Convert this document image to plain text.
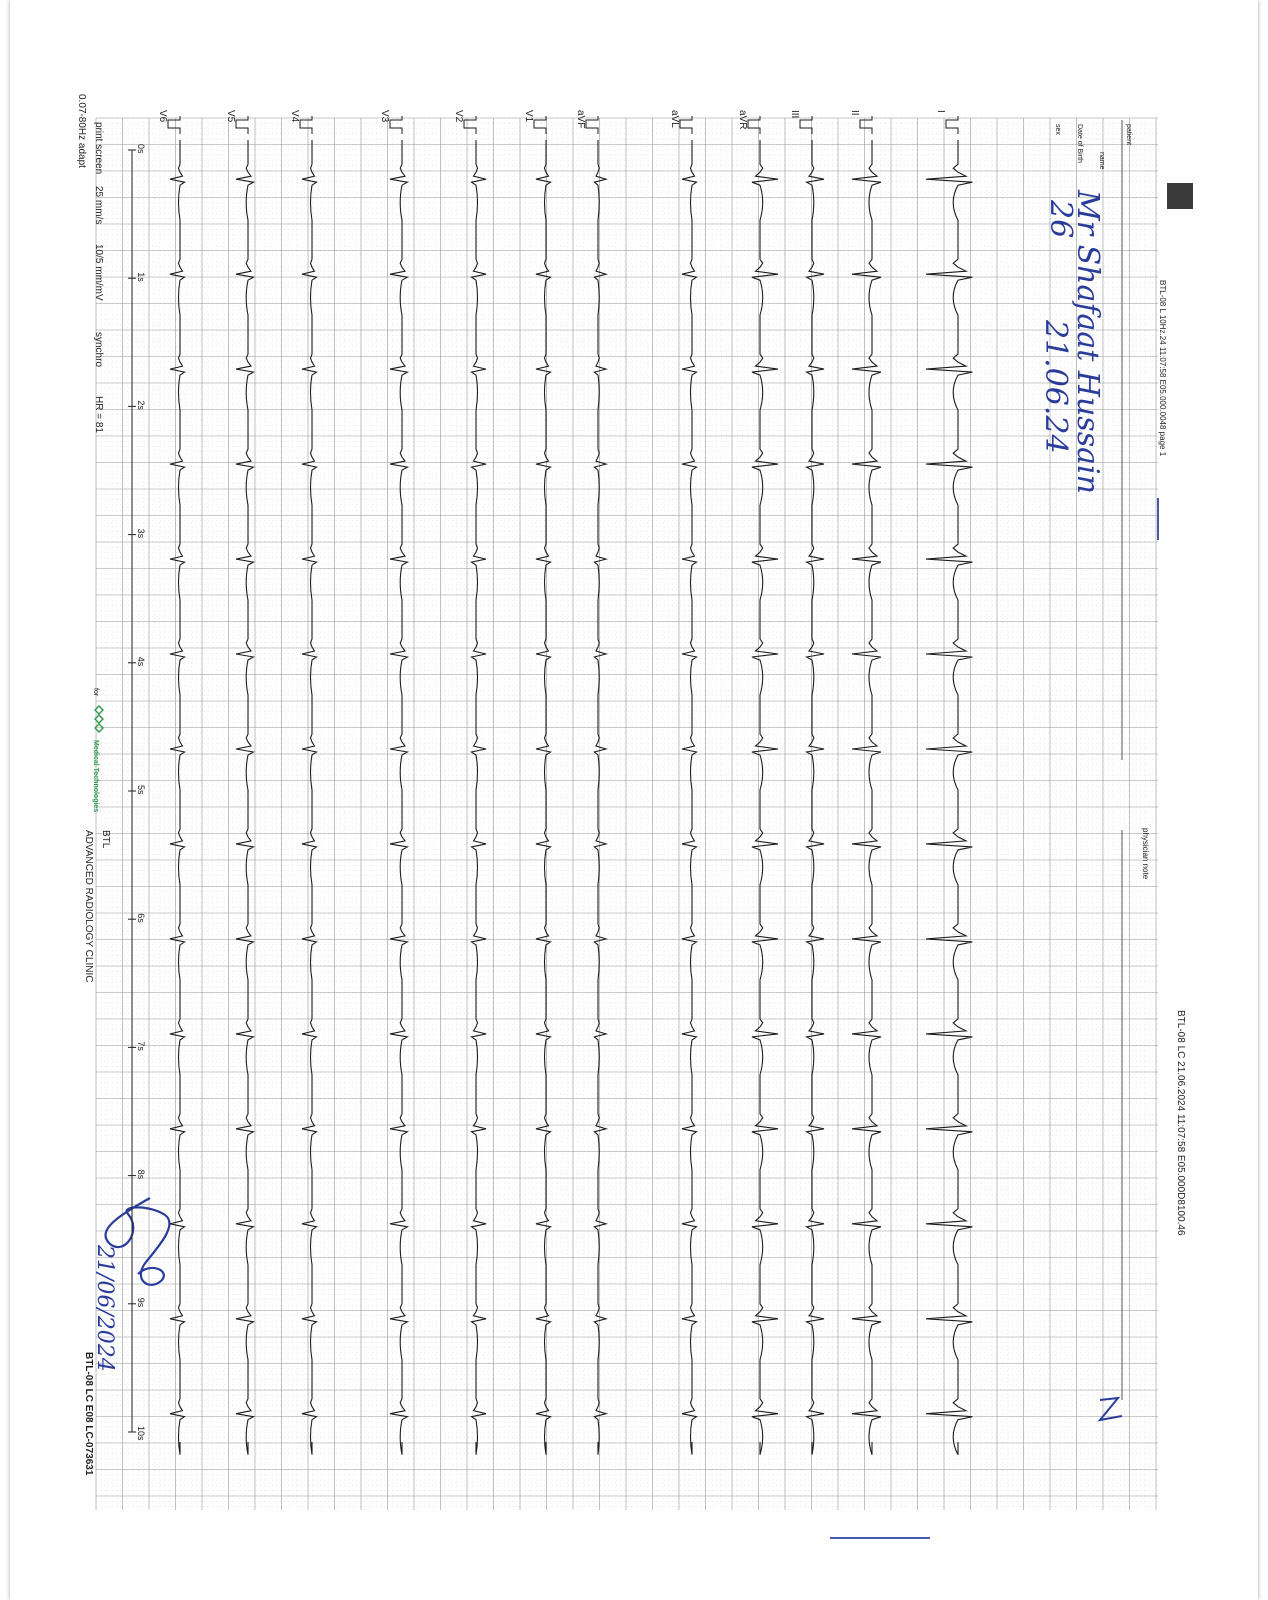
BTL-08 LC 21.06.2024 11:07:58 E05.000D8100.46
BTL-08 L 10Hz.24 11:07:58 E05.000.0048 page 1
physician note
patient
name
Date of Birth
sex
Mr Shafaat Hussain
26
21.06.24
21/06/2024
I
II
III
aVR
aVL
aVF
V1
V2
V3
V4
V5
V6
0s
1s
2s
3s
4s
5s
6s
7s
8s
9s
10s
print screen
25 mm/s
10/5 mm/mV
synchro
HR = 81
0.07-80Hz adapt
for
Medical Technologies
BTL
ADVANCED RADIOLOGY CLINIC
BTL-08 LC E08 LC-073631
